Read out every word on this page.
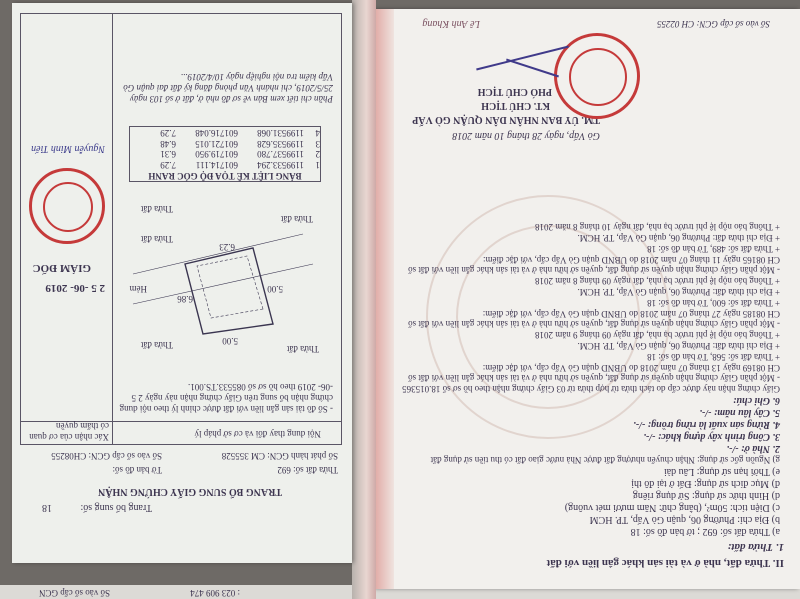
: 023 909 474
Số vào sổ cấp GCN
II. Thửa đất, nhà ở và tài sản khác gắn liền với đất
1. Thửa đất:
a) Thửa đất số: 692 ; tờ bản đồ số: 18
b) Địa chỉ: Phường 06, quận Gò Vấp, TP. HCM
c) Diện tích: 50m², (bằng chữ: Năm mươi mét vuông)
d) Hình thức sử dụng: Sử dụng riêng
đ) Mục đích sử dụng: Đất ở tại đô thị
e) Thời hạn sử dụng: Lâu dài
g) Nguồn gốc sử dụng: Nhận chuyển nhượng đất được Nhà nước giao đất có thu tiền sử dụng đất
2. Nhà ở: -/-.
3. Công trình xây dựng khác: -/-.
4. Rừng sản xuất là rừng trồng: -/-.
5. Cây lâu năm: -/-.
6. Ghi chú:
Giấy chứng nhận này được cấp do tách thửa từ hợp thửa từ 03 Giấy chứng nhận theo hồ sơ số 18.015365
- Một phần Giấy chứng nhận quyền sử dụng đất, quyền sở hữu nhà ở và tài sản khác gắn liền với đất số CH 08169 ngày 13 tháng 07 năm 2018 do UBND quận Gò Vấp cấp, với đặc điểm:
+ Thửa đất số: 568, Tờ bản đồ số: 18
+ Địa chỉ thửa đất: Phường 06, quận Gò Vấp, TP. HCM.
+ Thông báo nộp lệ phí trước bạ nhà, đất ngày 09 tháng 9 năm 2018
- Một phần Giấy chứng nhận quyền sử dụng đất, quyền sở hữu nhà ở và tài sản khác gắn liền với đất số CH 08185 ngày 27 tháng 07 năm 2018 do UBND quận Gò Vấp cấp, với đặc điểm:
+ Thửa đất số: 600, Tờ bản đồ số: 18
+ Địa chỉ thửa đất: Phường 06, quận Gò Vấp, TP. HCM.
+ Thông báo nộp lệ phí trước bạ nhà, đất ngày 09 tháng 8 năm 2018
- Một phần Giấy chứng nhận quyền sử dụng đất, quyền sở hữu nhà ở và tài sản khác gắn liền với đất số CH 08165 ngày 11 tháng 07 năm 2018 do UBND quận Gò Vấp cấp, với đặc điểm:
+ Thửa đất số: 489, Tờ bản đồ số: 18
+ Địa chỉ thửa đất: Phường 06, quận Gò Vấp, TP. HCM.
+ Thông báo nộp lệ phí trước bạ nhà, đất ngày 10 tháng 8 năm 2018
Gò Vấp, ngày 28 tháng 10 năm 2018
TM. ỦY BAN NHÂN DÂN QUẬN GÒ VẤP
KT. CHỦ TỊCH
PHÓ CHỦ TỊCH
Lê Anh Khang	Số vào sổ cấp GCN: CH 02255
TRANG BỔ SUNG GIẤY CHỨNG NHẬN
Trang bổ sung số:
18
Thửa đất số: 692
Tờ bản đồ số:
Số phát hành GCN: CM 355528
Số vào sổ cấp GCN: CH08255
Nội dung thay đổi và cơ sở pháp lý
Xác nhận của cơ quan có thẩm quyền
- Sổ đồ tài sản gắn liền với đất được chỉnh lý theo nội dung chứng nhận bổ sung trên Giấy chứng nhận này ngày 2 5 -06- 2019 theo hồ sơ số 085533.TS.001.
5.00
6.86
6.23
5.00
Thửa đất
Thửa đất
Thửa đất
Thửa đất
Thửa đất
Hẻm
BẢNG LIỆT KÊ TỌA ĐỘ GÓC RANH
1
1199533.294
601714.111
7.29
2
1199537.780
601719.950
6.31
3
1199535.628
601721.015
6.48
4
1199531.068
601716.048
7.29
Phần chi tiết xem Bản vẽ sơ đồ nhà ở, đất ở số 103 ngày 25/5/2019, chi nhánh Văn phòng đăng ký đất đai quận Gò Vấp kiểm tra nội nghiệp ngày 10/4/2019...
2 5 -06- 2019
GIÁM ĐỐC
Nguyễn Minh Tiến
